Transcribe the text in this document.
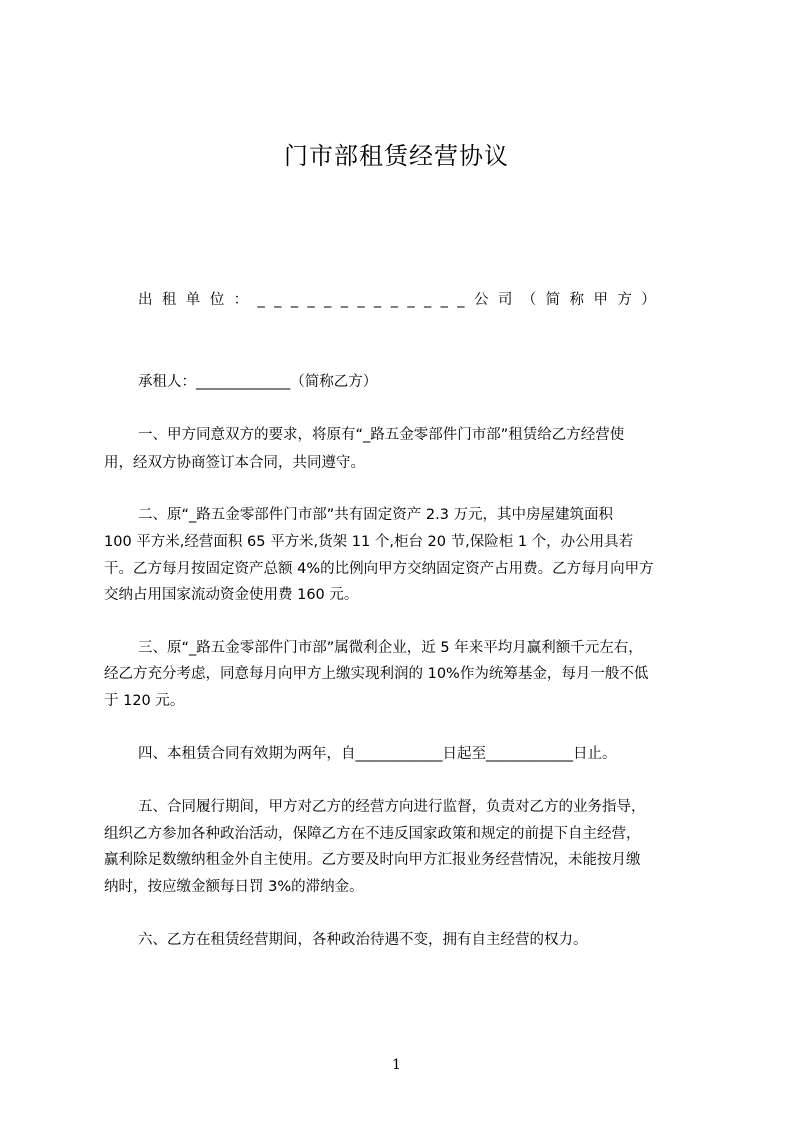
门市部租赁经营协议
出租单位：_____________公司（简称甲方）
承租人：_____________（简称乙方）
一、甲方同意双方的要求，将原有“_路五金零部件门市部”租赁给乙方经营使
用，经双方协商签订本合同，共同遵守。
二、原“_路五金零部件门市部”共有固定资产 2.3 万元，其中房屋建筑面积
100 平方米,经营面积 65 平方米,货架 11 个,柜台 20 节,保险柜 1 个，办公用具若
干。乙方每月按固定资产总额 4%的比例向甲方交纳固定资产占用费。乙方每月向甲方
交纳占用国家流动资金使用费 160 元。
三、原“_路五金零部件门市部”属微利企业，近 5 年来平均月赢利额千元左右，
经乙方充分考虑，同意每月向甲方上缴实现利润的 10%作为统筹基金，每月一般不低
于 120 元。
四、本租赁合同有效期为两年，自____________日起至____________日止。
五、合同履行期间，甲方对乙方的经营方向进行监督，负责对乙方的业务指导，
组织乙方参加各种政治活动，保障乙方在不违反国家政策和规定的前提下自主经营，
赢利除足数缴纳租金外自主使用。乙方要及时向甲方汇报业务经营情况，未能按月缴
纳时，按应缴金额每日罚 3%的滞纳金。
六、乙方在租赁经营期间，各种政治待遇不变，拥有自主经营的权力。
1
